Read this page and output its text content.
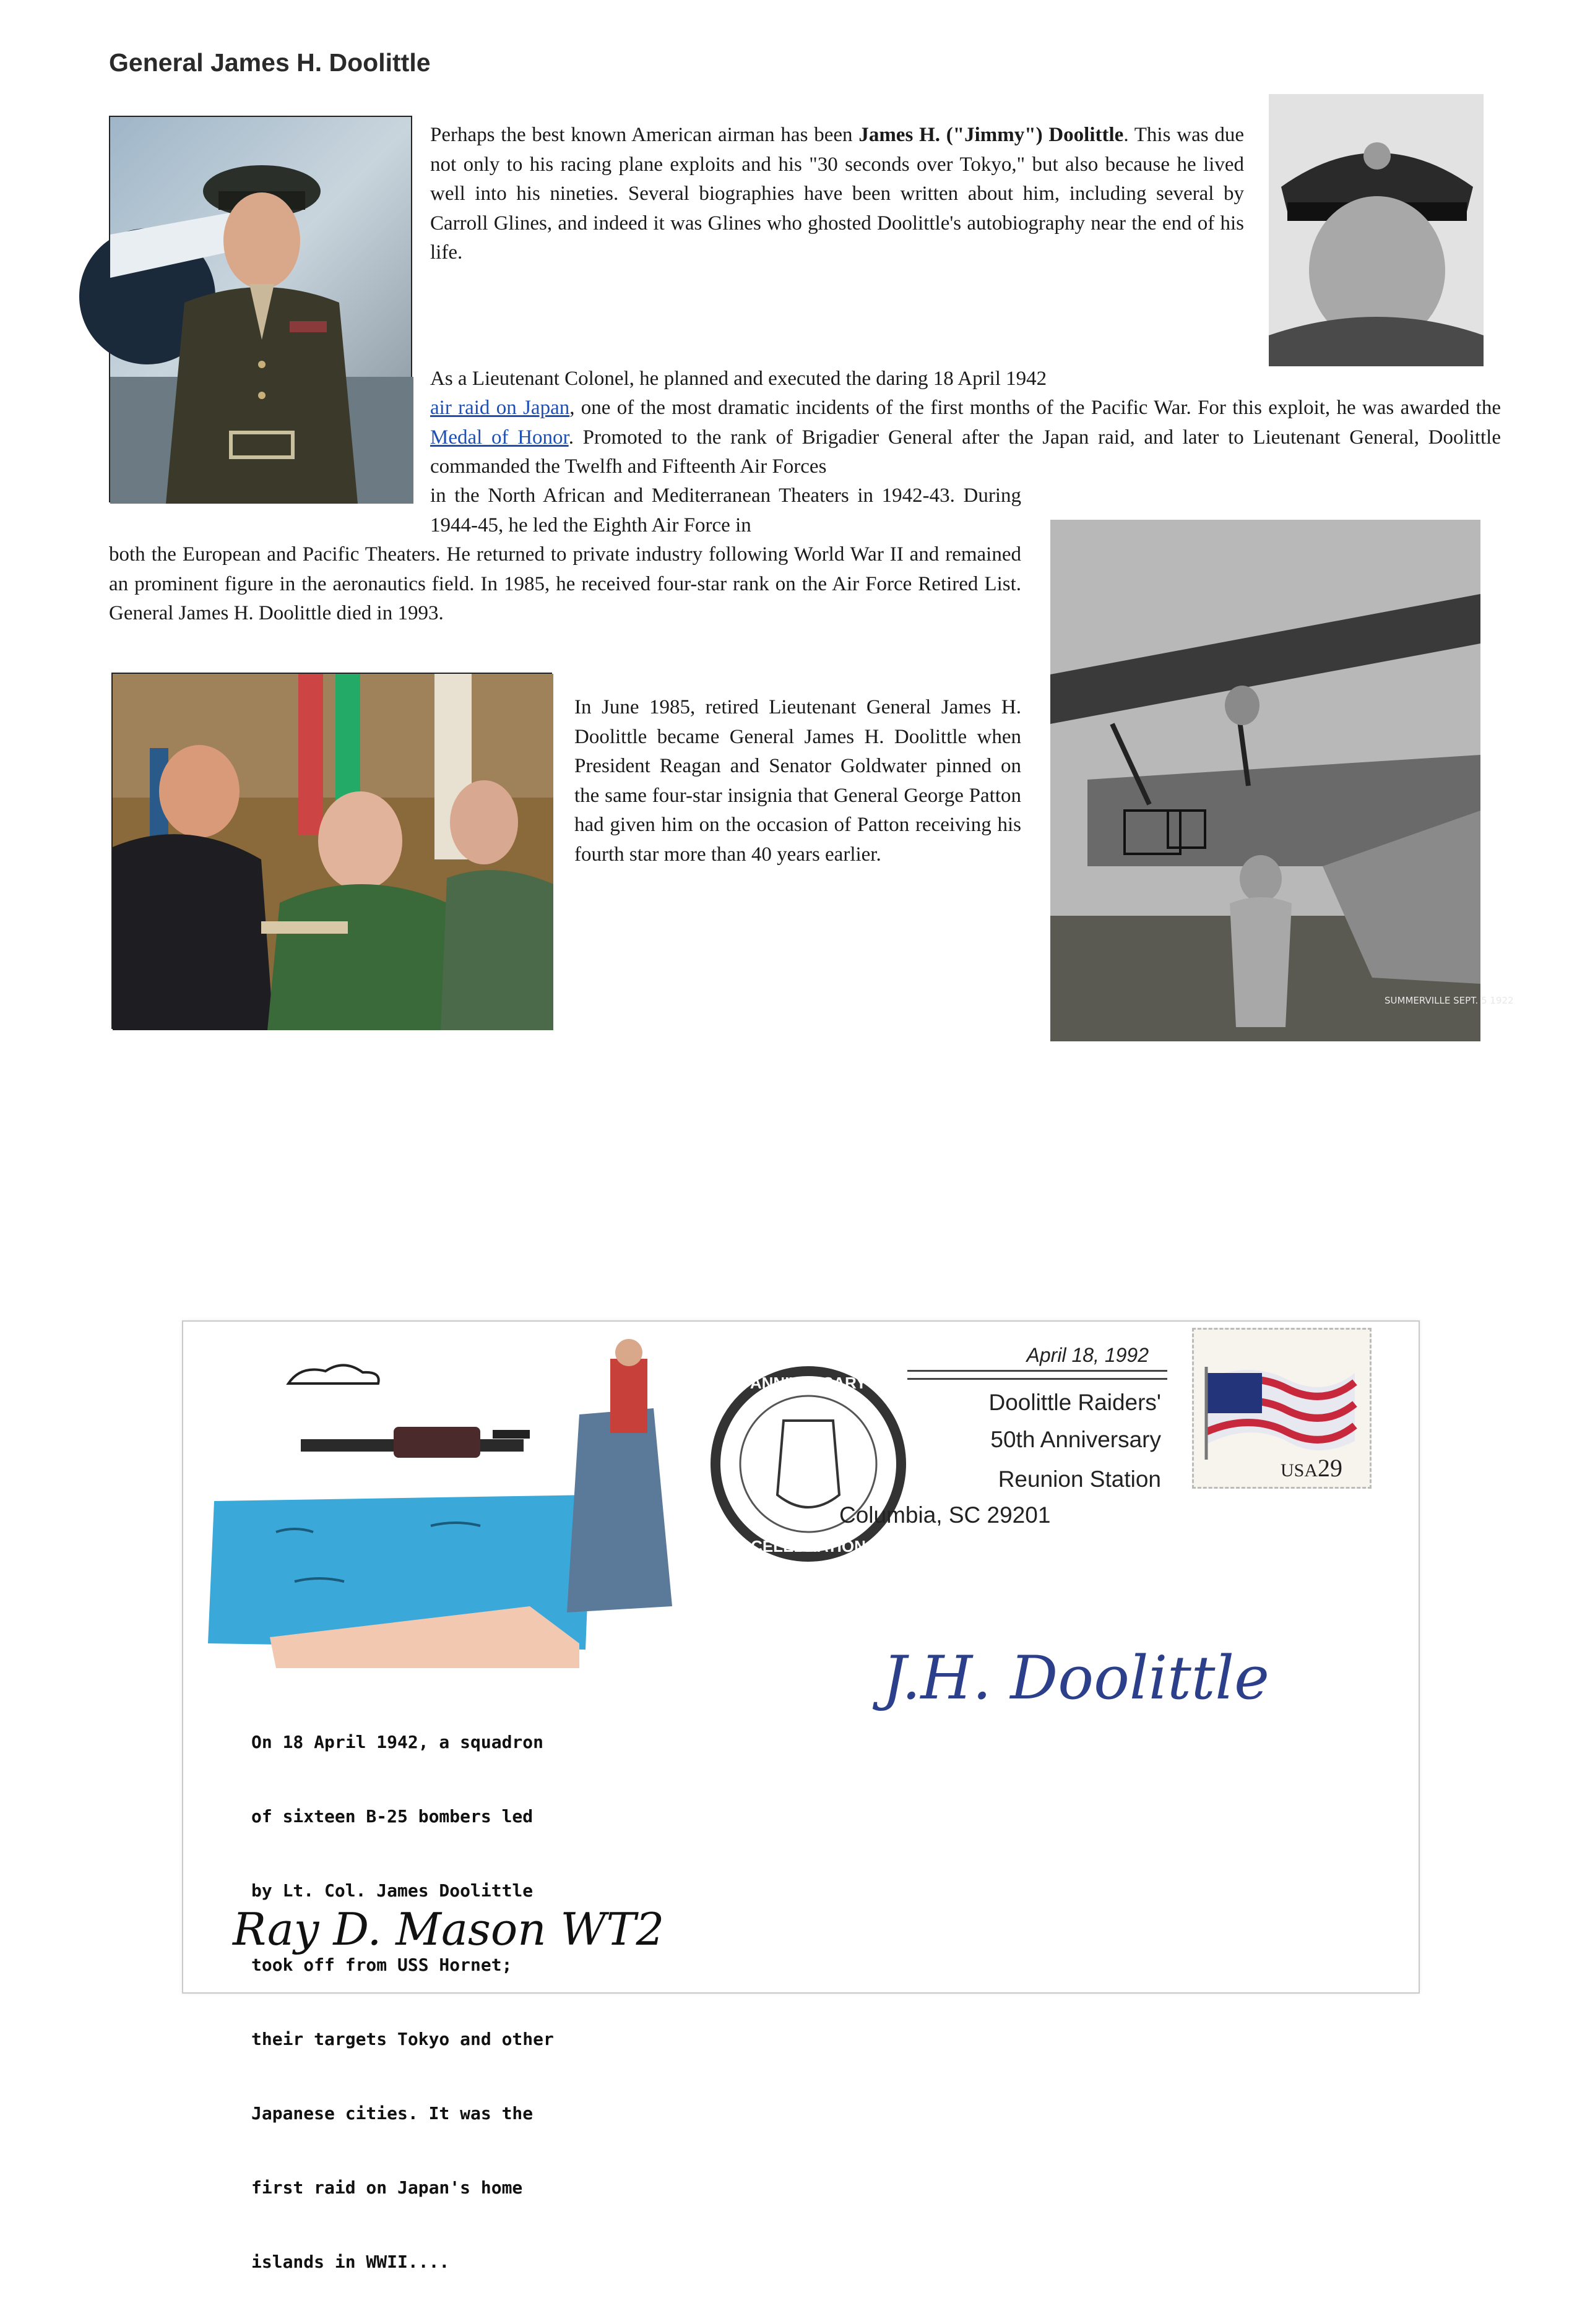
General James H. Doolittle
Perhaps the best known American airman has been James H. ("Jimmy") Doolittle. This was due not only to his racing plane exploits and his "30 seconds over Tokyo," but also because he lived well into his nineties. Several biographies have been written about him, including several by Carroll Glines, and indeed it was Glines who ghosted Doolittle's autobiography near the end of his life.
As a Lieutenant Colonel, he planned and executed the daring 18 April 1942
air raid on Japan, one of the most dramatic incidents of the first months of the Pacific War. For this exploit, he was awarded the Medal of Honor. Promoted to the rank of Brigadier General after the Japan raid, and later to Lieutenant General, Doolittle commanded the Twelfh and Fifteenth Air Forces
in the North African and Mediterranean Theaters in 1942-43. During 1944-45, he led the Eighth Air Force in
both the European and Pacific Theaters. He returned to private industry following World War II and remained an prominent figure in the aeronautics field. In 1985, he received four-star rank on the Air Force Retired List. General James H. Doolittle died in 1993.
In June 1985, retired Lieutenant General James H. Doolittle became General James H. Doolittle when President Reagan and Senator Goldwater pinned on the same four-star insignia that General George Patton had given him on the occasion of Patton receiving his fourth star more than 40 years earlier.
SUMMERVILLE SEPT. 5 1922
ANNIVERSARY
CELEBRATION
April 18, 1992
Doolittle Raiders'
50th Anniversary
Reunion Station
Columbia, SC 29201
USA29

On 18 April 1942, a squadron

of sixteen B-25 bombers led

by Lt. Col. James Doolittle

took off from USS Hornet;

their targets Tokyo and other

Japanese cities. It was the

first raid on Japan's home

islands in WWII....

J.H. Doolittle
Ray D. Mason WT2
